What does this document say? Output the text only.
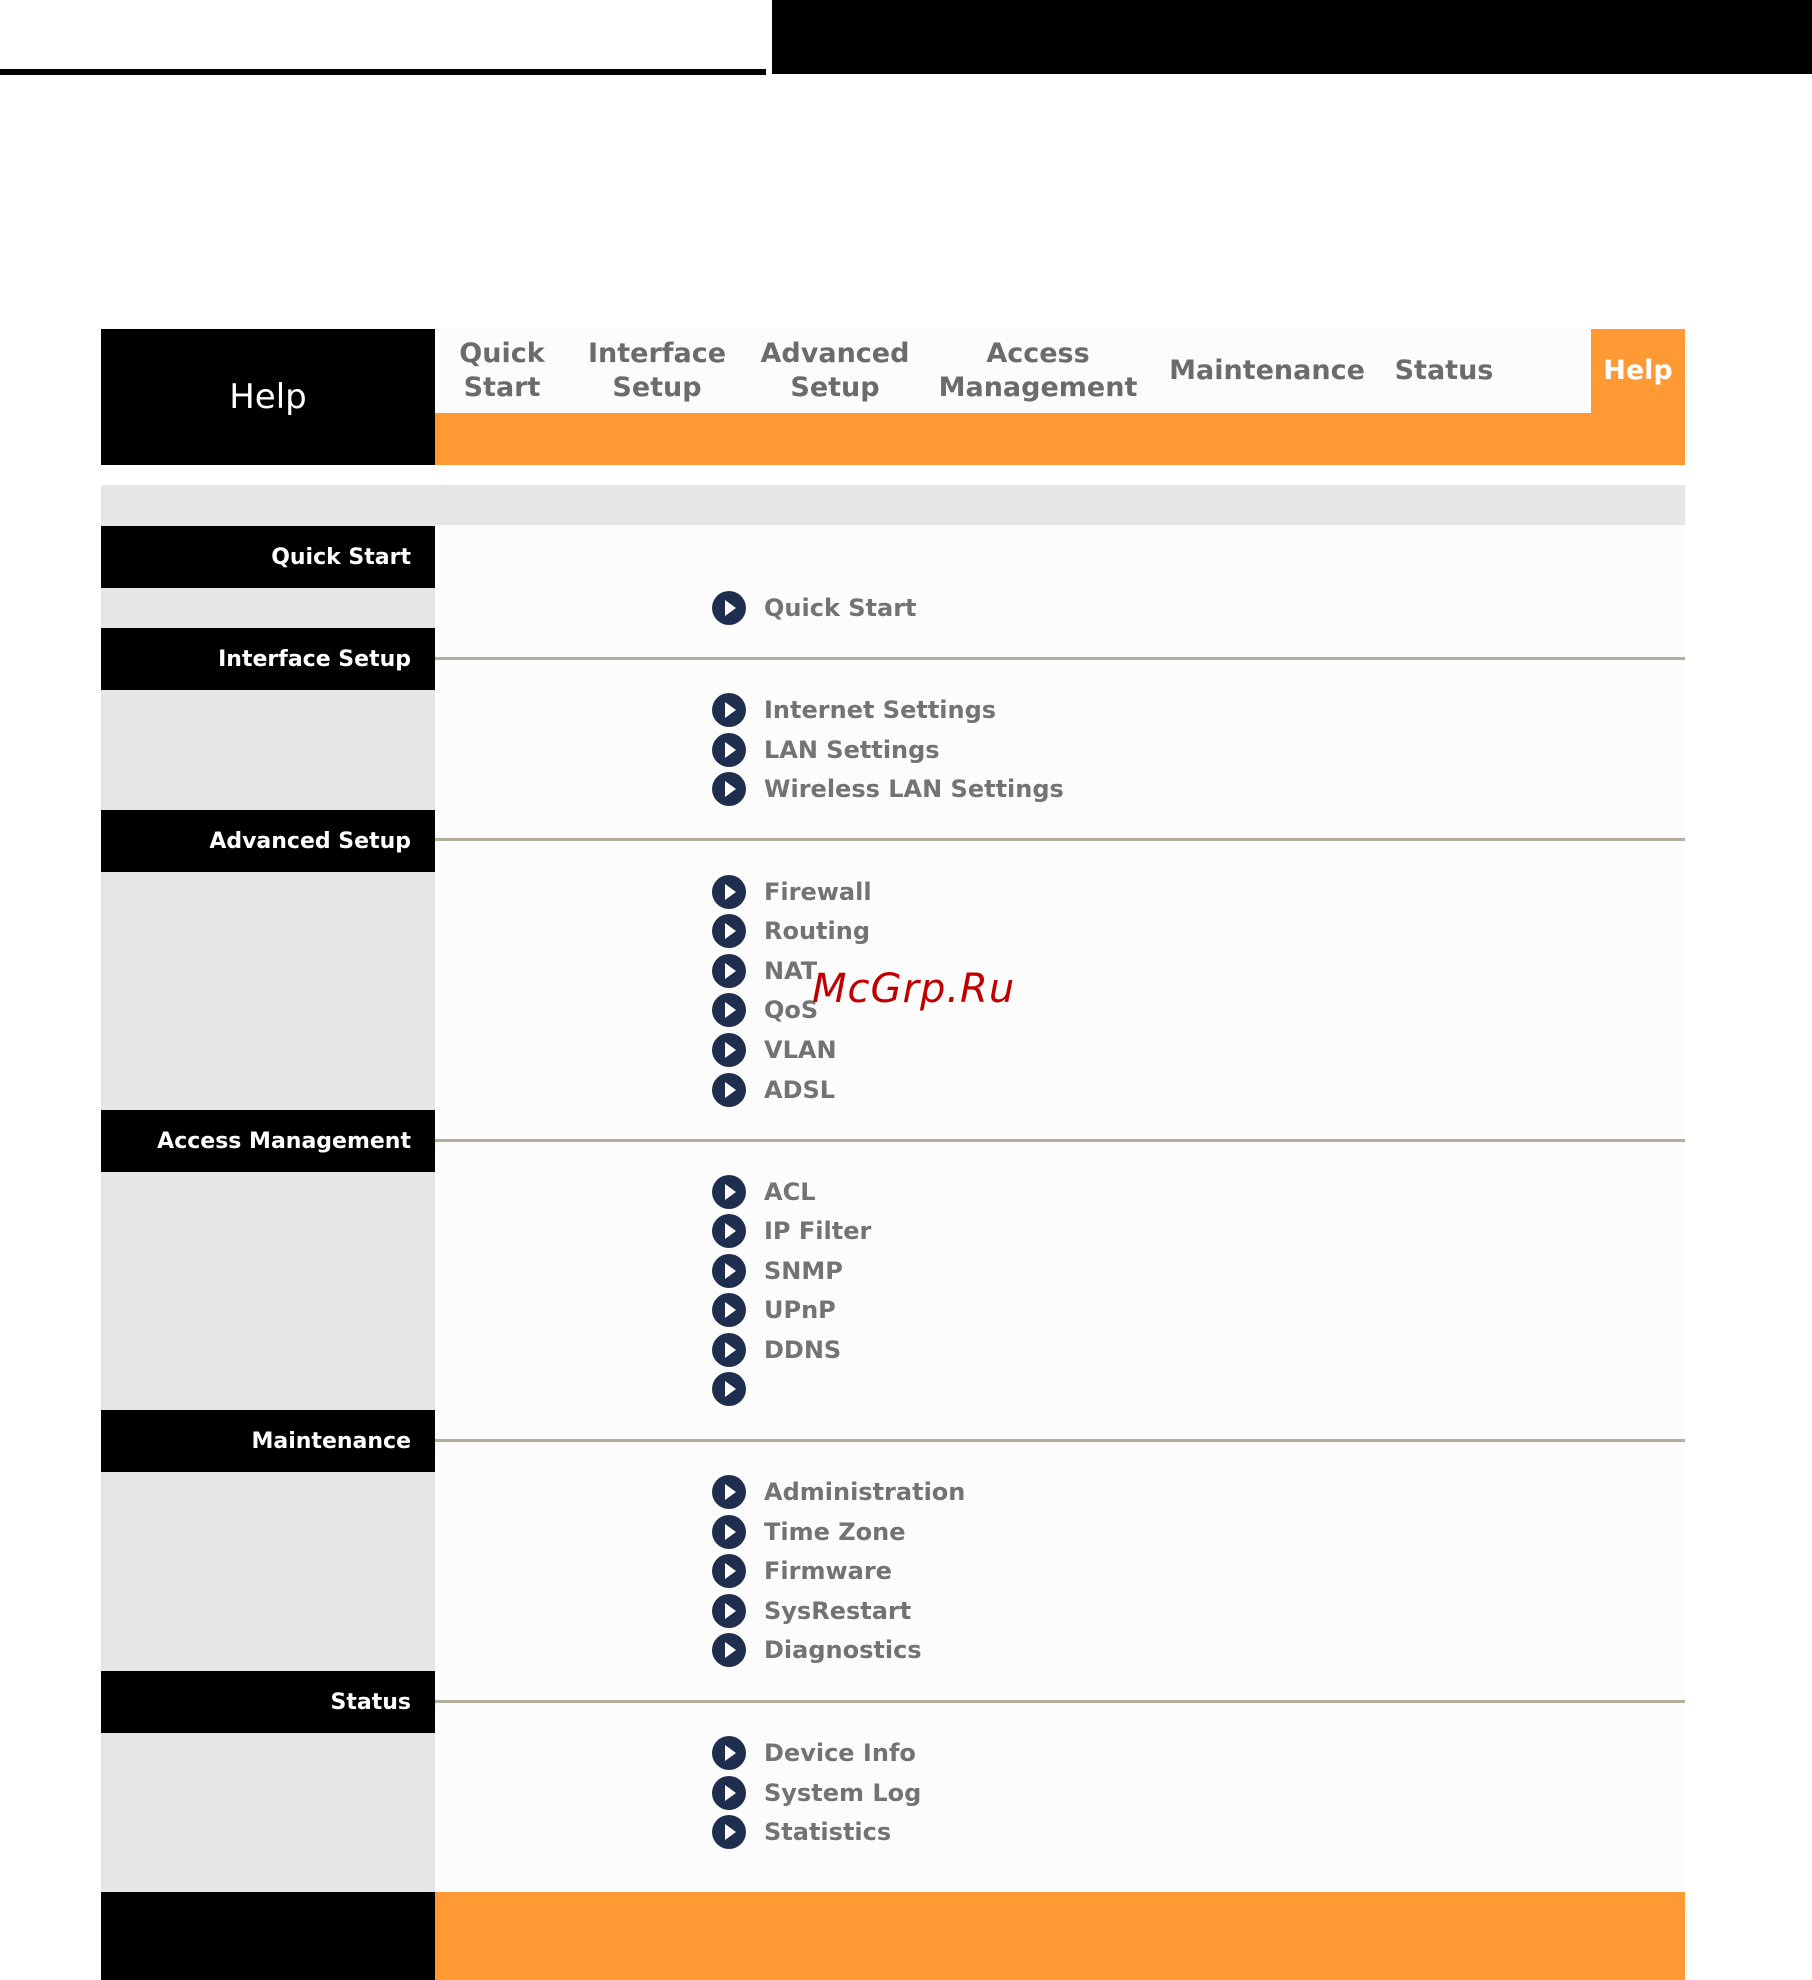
Help
Quick
Start
Interface
Setup
Advanced
Setup
Access
Management
Maintenance Status	Help
Quick Start
Interface Setup
Advanced Setup
Access Management
Maintenance
Status
Quick Start
Internet Settings
LAN Settings
Wireless LAN Settings
Firewall
Routing
NAT
QoS
VLAN
ADSL
ACL
IP Filter
SNMP
UPnP
DDNS
Administration
Time Zone
Firmware
SysRestart
Diagnostics
Device Info
System Log
Statistics
McGrp.Ru
